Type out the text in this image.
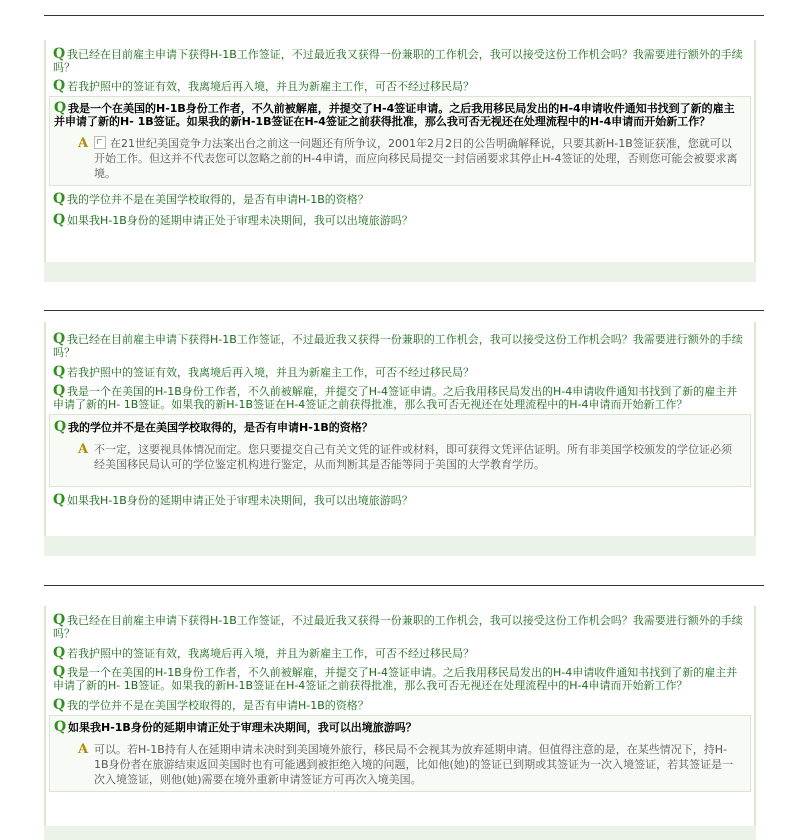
Q 我已经在目前雇主申请下获得H-1B工作签证，不过最近我又获得一份兼职的工作机会，我可以接受这份工作机会吗？我需要进行额外的手续吗？
Q 若我护照中的签证有效，我离境后再入境，并且为新雇主工作，可否不经过移民局？
Q 我是一个在美国的H-1B身份工作者，不久前被解雇，并提交了H-4签证申请。之后我用移民局发出的H-4申请收件通知书找到了新的雇主并申请了新的H- 1B签证。如果我的新H-1B签证在H-4签证之前获得批准，那么我可否无视还在处理流程中的H-4申请而开始新工作？
A 在21世纪美国竞争力法案出台之前这一问题还有所争议，2001年2月2日的公告明确解释说，只要其新H-1B签证获准，您就可以开始工作。但这并不代表您可以忽略之前的H-4申请，而应向移民局提交一封信函要求其停止H-4签证的处理，否则您可能会被要求离境。
Q 我的学位并不是在美国学校取得的，是否有申请H-1B的资格？
Q 如果我H-1B身份的延期申请正处于审理未决期间，我可以出境旅游吗？
Q 我已经在目前雇主申请下获得H-1B工作签证，不过最近我又获得一份兼职的工作机会，我可以接受这份工作机会吗？我需要进行额外的手续吗？
Q 若我护照中的签证有效，我离境后再入境，并且为新雇主工作，可否不经过移民局？
Q 我是一个在美国的H-1B身份工作者，不久前被解雇，并提交了H-4签证申请。之后我用移民局发出的H-4申请收件通知书找到了新的雇主并申请了新的H- 1B签证。如果我的新H-1B签证在H-4签证之前获得批准，那么我可否无视还在处理流程中的H-4申请而开始新工作？
Q 我的学位并不是在美国学校取得的，是否有申请H-1B的资格？
A 不一定，这要视具体情况而定。您只要提交自己有关文凭的证件或材料，即可获得文凭评估证明。所有非美国学校颁发的学位证必须经美国移民局认可的学位鉴定机构进行鉴定，从而判断其是否能等同于美国的大学教育学历。
Q 如果我H-1B身份的延期申请正处于审理未决期间，我可以出境旅游吗？
Q 我已经在目前雇主申请下获得H-1B工作签证，不过最近我又获得一份兼职的工作机会，我可以接受这份工作机会吗？我需要进行额外的手续吗？
Q 若我护照中的签证有效，我离境后再入境，并且为新雇主工作，可否不经过移民局？
Q 我是一个在美国的H-1B身份工作者，不久前被解雇，并提交了H-4签证申请。之后我用移民局发出的H-4申请收件通知书找到了新的雇主并申请了新的H- 1B签证。如果我的新H-1B签证在H-4签证之前获得批准，那么我可否无视还在处理流程中的H-4申请而开始新工作？
Q 我的学位并不是在美国学校取得的，是否有申请H-1B的资格？
Q 如果我H-1B身份的延期申请正处于审理未决期间，我可以出境旅游吗？
A 可以。若H-1B持有人在延期申请未决时到美国境外旅行，移民局不会视其为放弃延期申请。但值得注意的是，在某些情况下，持H-1B身份者在旅游结束返回美国时也有可能遇到被拒绝入境的问题，比如他(她)的签证已到期或其签证为一次入境签证，若其签证是一次入境签证，则他(她)需要在境外重新申请签证方可再次入境美国。
